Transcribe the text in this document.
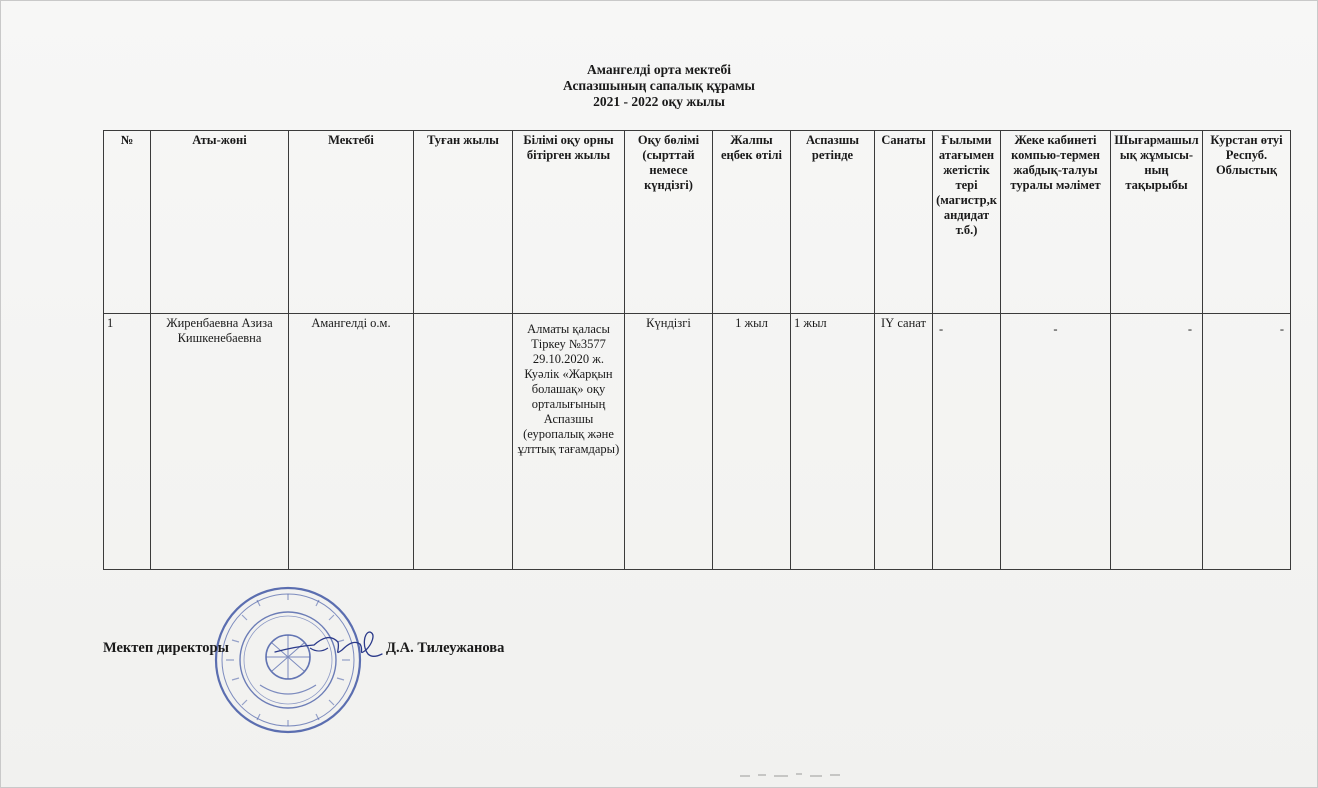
Амангелді орта мектебі
Аспазшының сапалық құрамы
2021 - 2022 оқу жылы
№	Аты-жөні	Мектебі	Туған жылы	Білімі оқу орны бітірген жылы	Оқу бөлімі (сырттай немесе күндізгі)	Жалпы еңбек өтілі	Аспазшы ретінде	Санаты	Ғылыми атағымен жетістік тері (магистр,кандидат т.б.)	Жеке кабинеті компью-термен жабдық-талуы туралы мәлімет	Шығармашылық жұмысы-ның тақырыбы	Курстан өтуі Респуб. Облыстық
1	Жиренбаевна Азиза Кишкенебаевна	Амангелді о.м.		Алматы қаласы Тіркеу №3577 29.10.2020 ж. Куәлік «Жарқын болашақ» оқу орталығының Аспазшы (еуропалық және ұлттық тағамдары)	Күндізгі	1 жыл	1 жыл	ІҮ санат	-	-	-	-
Мектеп директоры	Д.А. Тилеужанова
